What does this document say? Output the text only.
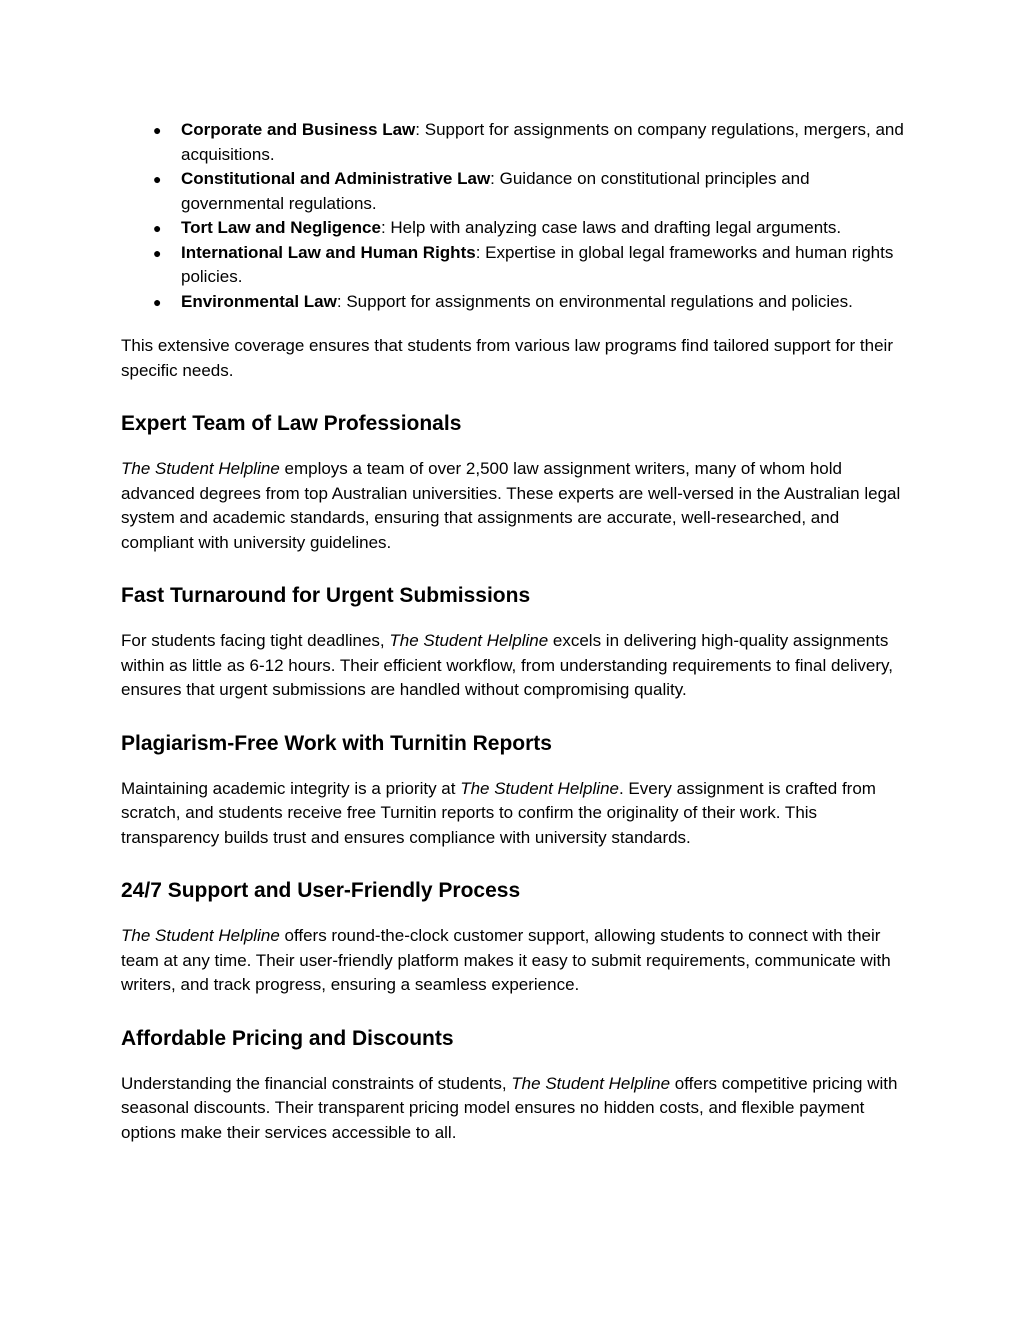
● Corporate and Business Law: Support for assignments on company regulations, mergers, and acquisitions.
● Constitutional and Administrative Law: Guidance on constitutional principles and governmental regulations.
● Tort Law and Negligence: Help with analyzing case laws and drafting legal arguments.
● International Law and Human Rights: Expertise in global legal frameworks and human rights policies.
● Environmental Law: Support for assignments on environmental regulations and policies.

This extensive coverage ensures that students from various law programs find tailored support for their specific needs.

Expert Team of Law Professionals

The Student Helpline employs a team of over 2,500 law assignment writers, many of whom hold advanced degrees from top Australian universities. These experts are well-versed in the Australian legal system and academic standards, ensuring that assignments are accurate, well-researched, and compliant with university guidelines.

Fast Turnaround for Urgent Submissions

For students facing tight deadlines, The Student Helpline excels in delivering high-quality assignments within as little as 6-12 hours. Their efficient workflow, from understanding requirements to final delivery, ensures that urgent submissions are handled without compromising quality.

Plagiarism-Free Work with Turnitin Reports

Maintaining academic integrity is a priority at The Student Helpline. Every assignment is crafted from scratch, and students receive free Turnitin reports to confirm the originality of their work. This transparency builds trust and ensures compliance with university standards.

24/7 Support and User-Friendly Process

The Student Helpline offers round-the-clock customer support, allowing students to connect with their team at any time. Their user-friendly platform makes it easy to submit requirements, communicate with writers, and track progress, ensuring a seamless experience.

Affordable Pricing and Discounts

Understanding the financial constraints of students, The Student Helpline offers competitive pricing with seasonal discounts. Their transparent pricing model ensures no hidden costs, and flexible payment options make their services accessible to all.
